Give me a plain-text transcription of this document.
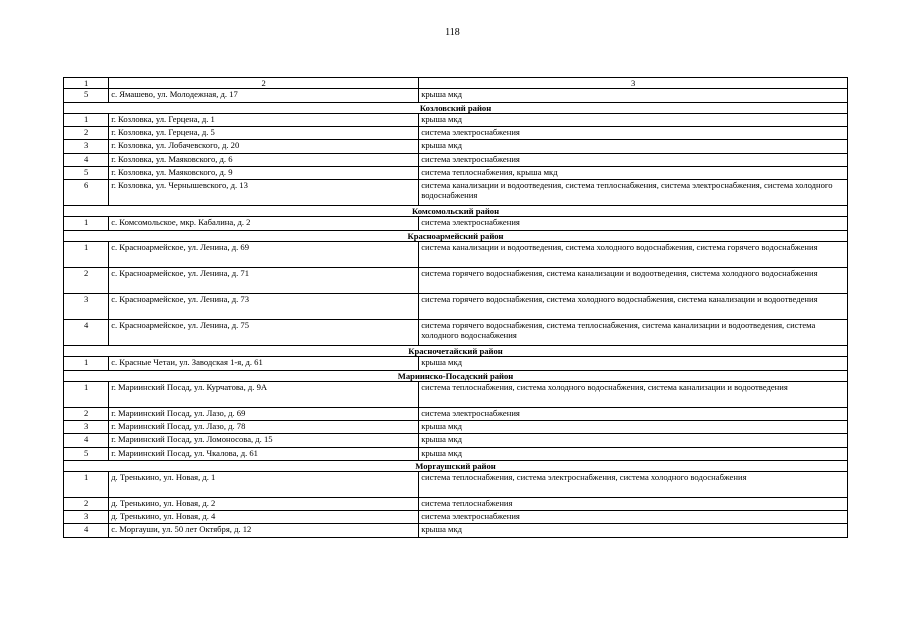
118
1	2	3
5	с. Ямашево, ул. Молодежная, д. 17	крыша мкд
Козловский район		
1	г. Козловка, ул. Герцена, д. 1	крыша мкд
2	г. Козловка, ул. Герцена, д. 5	система электроснабжения
3	г. Козловка, ул. Лобачевского, д. 20	крыша мкд
4	г. Козловка, ул. Маяковского, д. 6	система электроснабжения
5	г. Козловка, ул. Маяковского, д. 9	система теплоснабжения, крыша мкд
6	г. Козловка, ул. Чернышевского, д. 13	система канализации и водоотведения, система теплоснабжения, система электроснабжения, система холодного водоснабжения
Комсомольский район		
1	с. Комсомольское, мкр. Кабалина, д. 2	система электроснабжения
Красноармейский район		
1	с. Красноармейское, ул. Ленина, д. 69	система канализации и водоотведения, система холодного водоснабжения, система горячего водоснабжения
2	с. Красноармейское, ул. Ленина, д. 71	система горячего водоснабжения, система канализации и водоотведения, система холодного водоснабжения
3	с. Красноармейское, ул. Ленина, д. 73	система горячего водоснабжения, система холодного водоснабжения, система канализации и водоотведения
4	с. Красноармейское, ул. Ленина, д. 75	система горячего водоснабжения, система теплоснабжения, система канализации и водоотведения, система холодного водоснабжения
Красночетайский район		
1	с. Красные Четаи, ул. Заводская 1-я, д. 61	крыша мкд
Мариинско-Посадский район		
1	г. Мариинский Посад, ул. Курчатова, д. 9А	система теплоснабжения, система холодного водоснабжения, система канализации и водоотведения
2	г. Мариинский Посад, ул. Лазо, д. 69	система электроснабжения
3	г. Мариинский Посад, ул. Лазо, д. 78	крыша мкд
4	г. Мариинский Посад, ул. Ломоносова, д. 15	крыша мкд
5	г. Мариинский Посад, ул. Чкалова, д. 61	крыша мкд
Моргаушский район		
1	д. Тренькино, ул. Новая, д. 1	система теплоснабжения, система электроснабжения, система холодного водоснабжения
2	д. Тренькино, ул. Новая, д. 2	система теплоснабжения
3	д. Тренькино, ул. Новая, д. 4	система электроснабжения
4	с. Моргауши, ул. 50 лет Октября, д. 12	крыша мкд
